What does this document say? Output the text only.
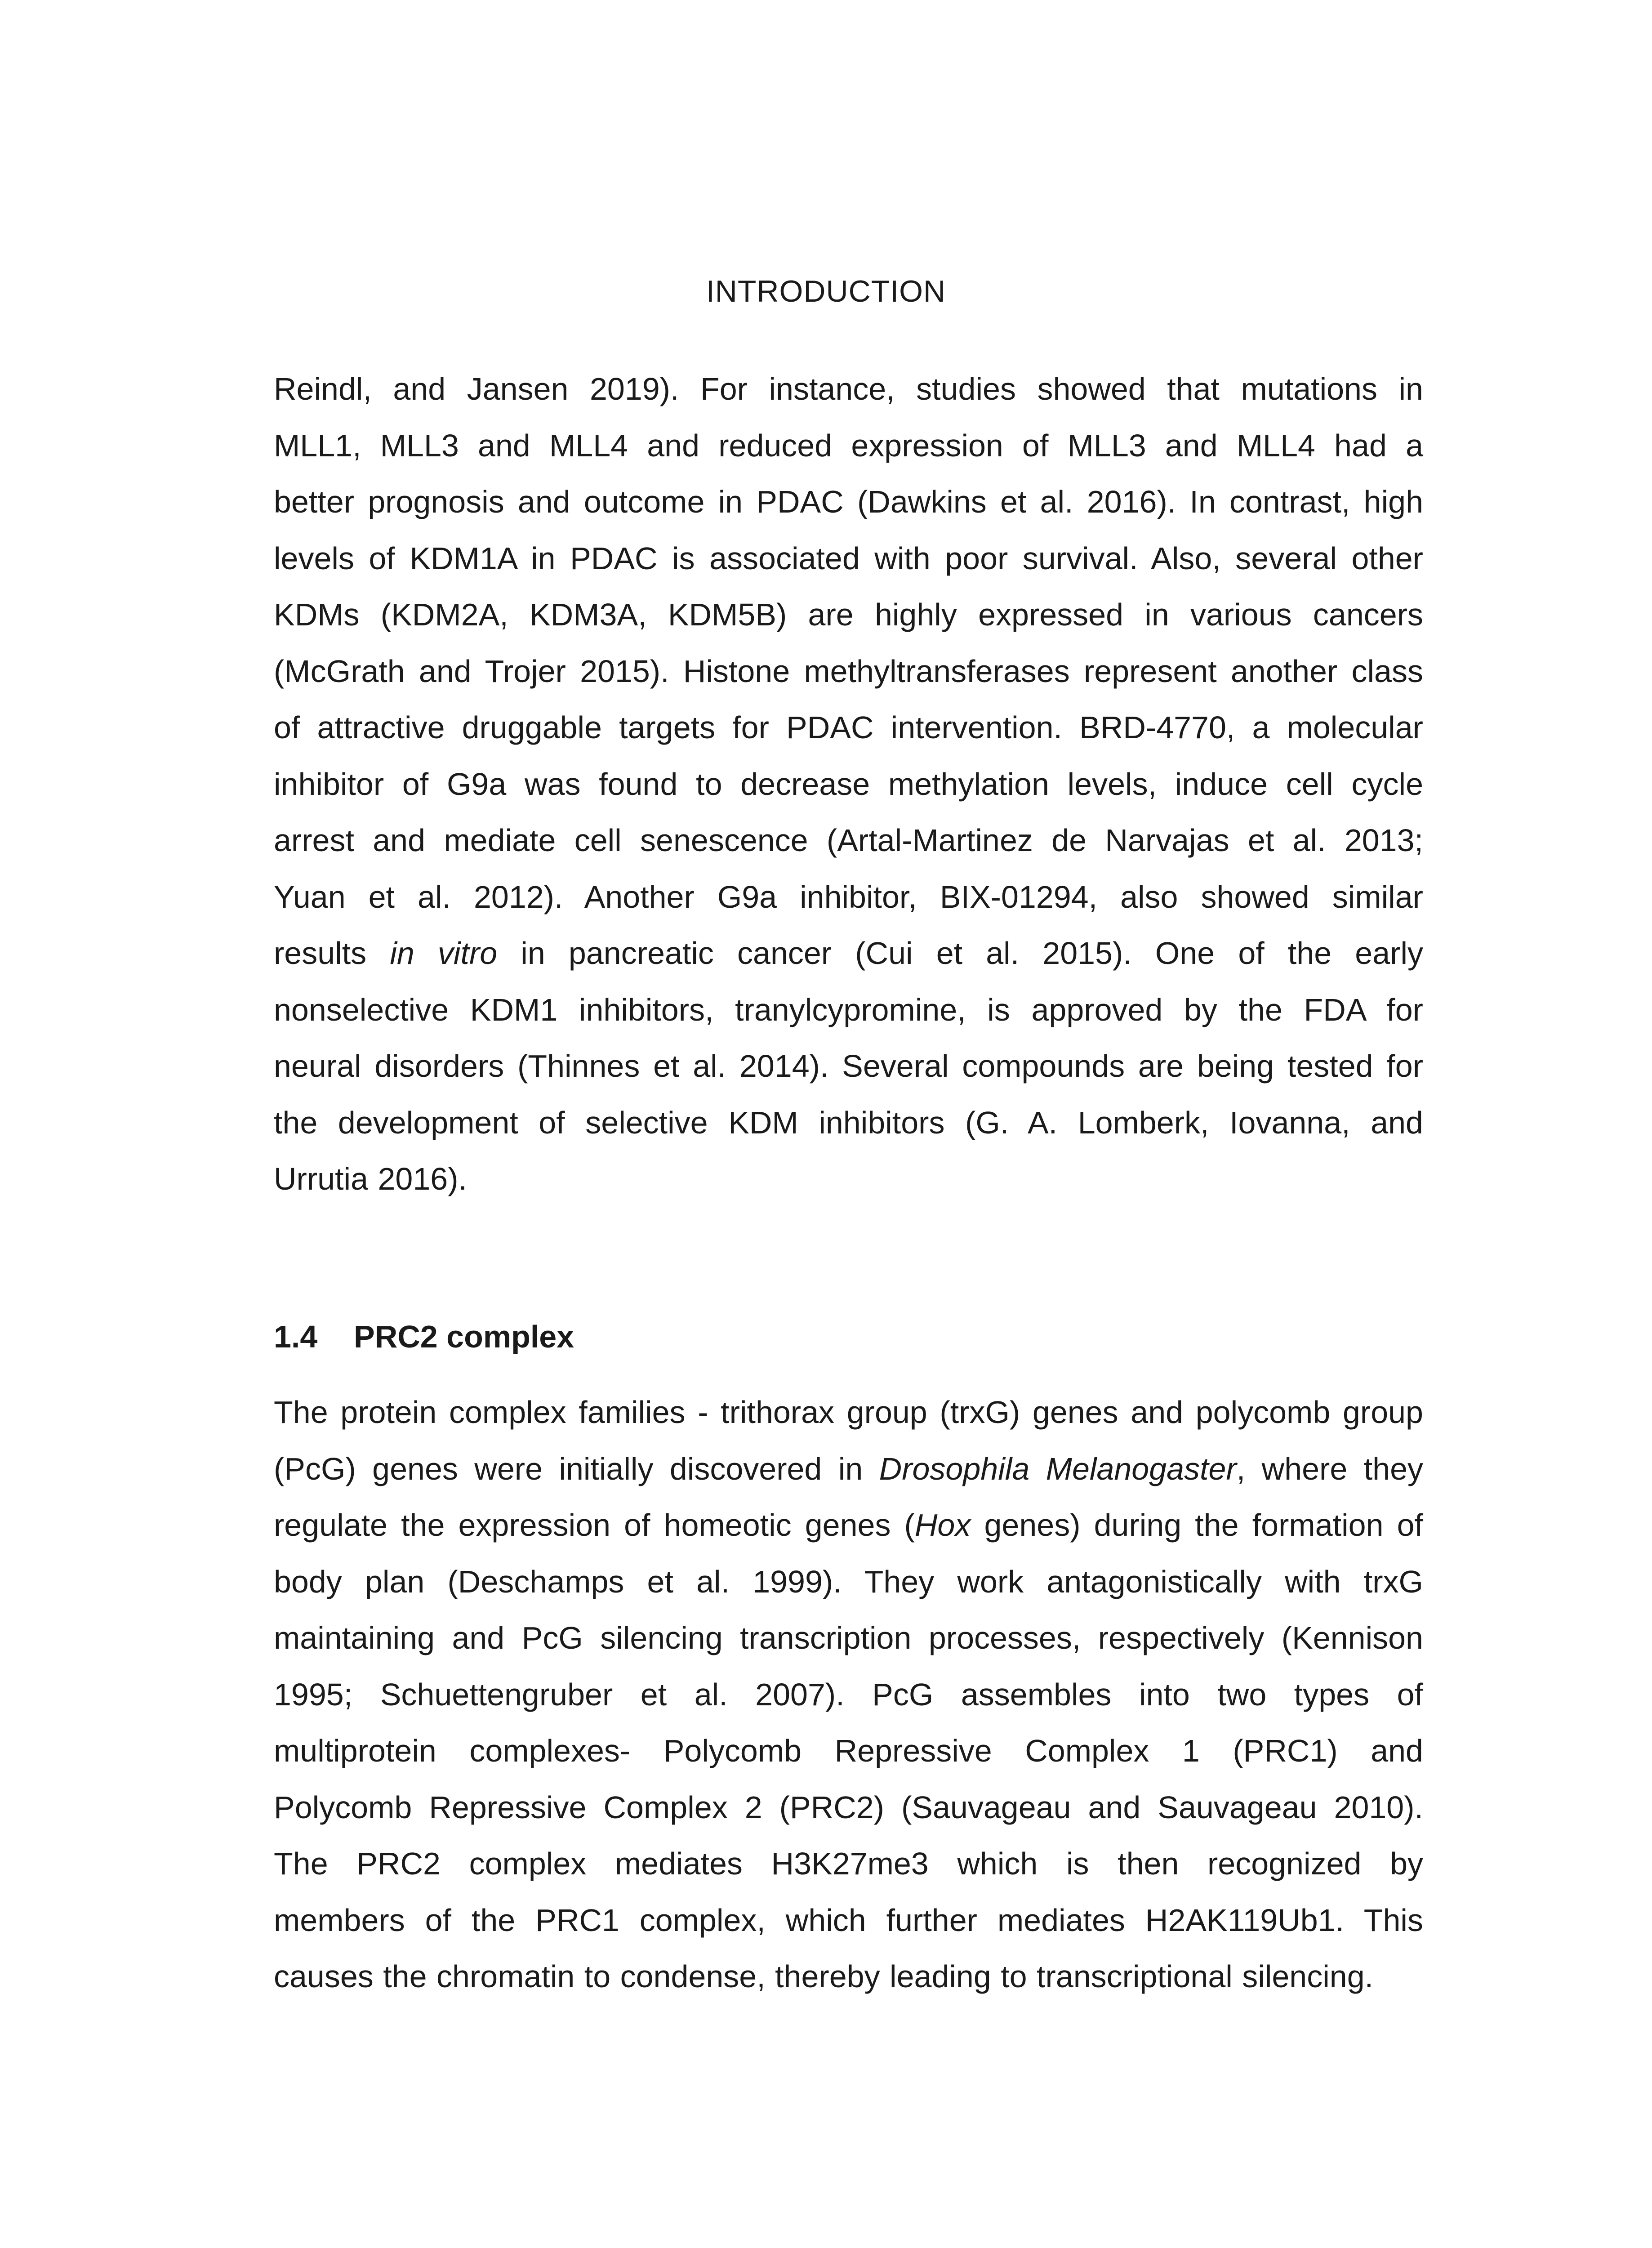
INTRODUCTION
Reindl, and Jansen 2019). For instance, studies showed that mutations in
MLL1, MLL3 and MLL4 and reduced expression of MLL3 and MLL4 had a
better prognosis and outcome in PDAC (Dawkins et al. 2016). In contrast, high
levels of KDM1A in PDAC is associated with poor survival. Also, several other
KDMs (KDM2A, KDM3A, KDM5B) are highly expressed in various cancers
(McGrath and Trojer 2015). Histone methyltransferases represent another class
of attractive druggable targets for PDAC intervention. BRD-4770, a molecular
inhibitor of G9a was found to decrease methylation levels, induce cell cycle
arrest and mediate cell senescence (Artal-Martinez de Narvajas et al. 2013;
Yuan et al. 2012). Another G9a inhibitor, BIX-01294, also showed similar
results in vitro in pancreatic cancer (Cui et al. 2015). One of the early
nonselective KDM1 inhibitors, tranylcypromine, is approved by the FDA for
neural disorders (Thinnes et al. 2014). Several compounds are being tested for
the development of selective KDM inhibitors (G. A. Lomberk, Iovanna, and
Urrutia 2016).
1.4 PRC2 complex
The protein complex families - trithorax group (trxG) genes and polycomb group
(PcG) genes were initially discovered in Drosophila Melanogaster, where they
regulate the expression of homeotic genes (Hox genes) during the formation of
body plan (Deschamps et al. 1999). They work antagonistically with trxG
maintaining and PcG silencing transcription processes, respectively (Kennison
1995; Schuettengruber et al. 2007). PcG assembles into two types of
multiprotein complexes- Polycomb Repressive Complex 1 (PRC1) and
Polycomb Repressive Complex 2 (PRC2) (Sauvageau and Sauvageau 2010).
The PRC2 complex mediates H3K27me3 which is then recognized by
members of the PRC1 complex, which further mediates H2AK119Ub1. This
causes the chromatin to condense, thereby leading to transcriptional silencing.
